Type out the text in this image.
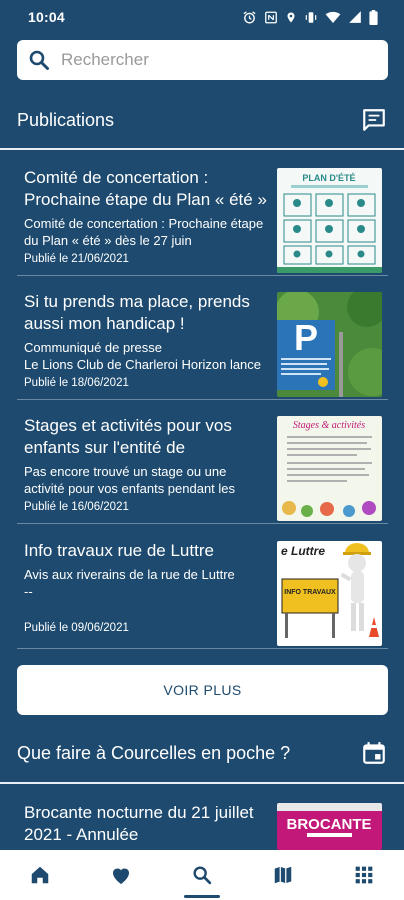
10:04
Rechercher
Publications
Comité de concertation : Prochaine étape du Plan « été »
Comité de concertation : Prochaine étape du Plan « été » dès le 27 juin
Publié le 21/06/2021
PLAN D'ÉTÉ
Si tu prends ma place, prends aussi mon handicap !
Communiqué de presse
Le Lions Club de Charleroi Horizon lance
Publié le 18/06/2021
P
Stages et activités pour vos enfants sur l'entité de
Pas encore trouvé un stage ou une activité pour vos enfants pendant les
Publié le 16/06/2021
Stages & activités
Info travaux rue de Luttre
Avis aux riverains de la rue de Luttre
--
Publié le 09/06/2021
e Luttre
INFO TRAVAUX
VOIR PLUS
Que faire à Courcelles en poche ?
Brocante nocturne du 21 juillet 2021 - Annulée
BROCANTE
